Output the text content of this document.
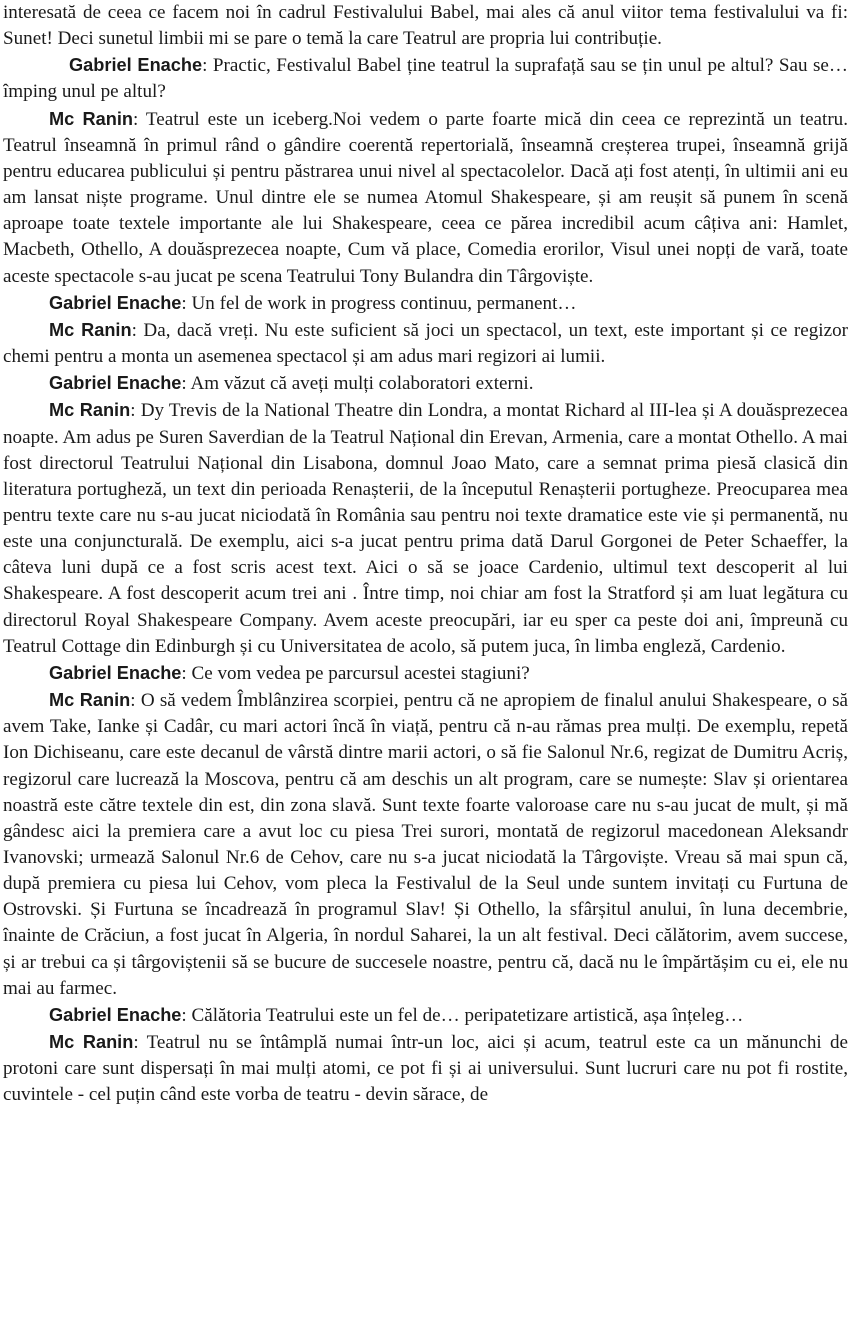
interesată de ceea ce facem noi în cadrul Festivalului Babel, mai ales că anul viitor tema festivalului va fi: Sunet! Deci sunetul limbii mi se pare o temă la care Teatrul are propria lui contribuție.

Gabriel Enache: Practic, Festivalul Babel ține teatrul la suprafață sau se țin unul pe altul? Sau se… împing unul pe altul?

Mc Ranin: Teatrul este un iceberg.Noi vedem o parte foarte mică din ceea ce reprezintă un teatru. Teatrul înseamnă în primul rând o gândire coerentă repertorială, înseamnă creșterea trupei, înseamnă grijă pentru educarea publicului și pentru păstrarea unui nivel al spectacolelor. Dacă ați fost atenți, în ultimii ani eu am lansat niște programe. Unul dintre ele se numea Atomul Shakespeare, și am reușit să punem în scenă aproape toate textele importante ale lui Shakespeare, ceea ce părea incredibil acum câțiva ani: Hamlet, Macbeth, Othello, A douăsprezecea noapte, Cum vă place, Comedia erorilor, Visul unei nopți de vară, toate aceste spectacole s-au jucat pe scena Teatrului Tony Bulandra din Târgoviște.

Gabriel Enache: Un fel de work in progress continuu, permanent…

Mc Ranin: Da, dacă vreți. Nu este suficient să joci un spectacol, un text, este important și ce regizor chemi pentru a monta un asemenea spectacol și am adus mari regizori ai lumii.

Gabriel Enache: Am văzut că aveți mulți colaboratori externi.

Mc Ranin: Dy Trevis de la National Theatre din Londra, a montat Richard al III-lea și A douăsprezecea noapte. Am adus pe Suren Saverdian de la Teatrul Național din Erevan, Armenia, care a montat Othello. A mai fost directorul Teatrului Național din Lisabona, domnul Joao Mato, care a semnat prima piesă clasică din literatura portugheză, un text din perioada Renașterii, de la începutul Renașterii portugheze. Preocuparea mea pentru texte care nu s-au jucat niciodată în România sau pentru noi texte dramatice este vie și permanentă, nu este una conjuncturală. De exemplu, aici s-a jucat pentru prima dată Darul Gorgonei de Peter Schaeffer, la câteva luni după ce a fost scris acest text. Aici o să se joace Cardenio, ultimul text descoperit al lui Shakespeare. A fost descoperit acum trei ani . Între timp, noi chiar am fost la Stratford și am luat legătura cu directorul Royal Shakespeare Company. Avem aceste preocupări, iar eu sper ca peste doi ani, împreună cu Teatrul Cottage din Edinburgh și cu Universitatea de acolo, să putem juca, în limba engleză, Cardenio.

Gabriel Enache: Ce vom vedea pe parcursul acestei stagiuni?

Mc Ranin: O să vedem Îmblânzirea scorpiei, pentru că ne apropiem de finalul anului Shakespeare, o să avem Take, Ianke și Cadâr, cu mari actori încă în viață, pentru că n-au rămas prea mulți. De exemplu, repetă Ion Dichiseanu, care este decanul de vârstă dintre marii actori, o să fie Salonul Nr.6, regizat de Dumitru Acriș, regizorul care lucrează la Moscova, pentru că am deschis un alt program, care se numește: Slav și orientarea noastră este către textele din est, din zona slavă. Sunt texte foarte valoroase care nu s-au jucat de mult, și mă gândesc aici la premiera care a avut loc cu piesa Trei surori, montată de regizorul macedonean Aleksandr Ivanovski; urmează Salonul Nr.6 de Cehov, care nu s-a jucat niciodată la Târgoviște. Vreau să mai spun că, după premiera cu piesa lui Cehov, vom pleca la Festivalul de la Seul unde suntem invitați cu Furtuna de Ostrovski. Și Furtuna se încadrează în programul Slav! Și Othello, la sfârșitul anului, în luna decembrie, înainte de Crăciun, a fost jucat în Algeria, în nordul Saharei, la un alt festival. Deci călătorim, avem succese, și ar trebui ca și târgoviștenii să se bucure de succesele noastre, pentru că, dacă nu le împărtășim cu ei, ele nu mai au farmec.

Gabriel Enache: Călătoria Teatrului este un fel de… peripatetizare artistică, așa înțeleg…

Mc Ranin: Teatrul nu se întâmplă numai într-un loc, aici și acum, teatrul este ca un mănunchi de protoni care sunt dispersați în mai mulți atomi, ce pot fi și ai universului. Sunt lucruri care nu pot fi rostite, cuvintele - cel puțin când este vorba de teatru - devin sărace, de
